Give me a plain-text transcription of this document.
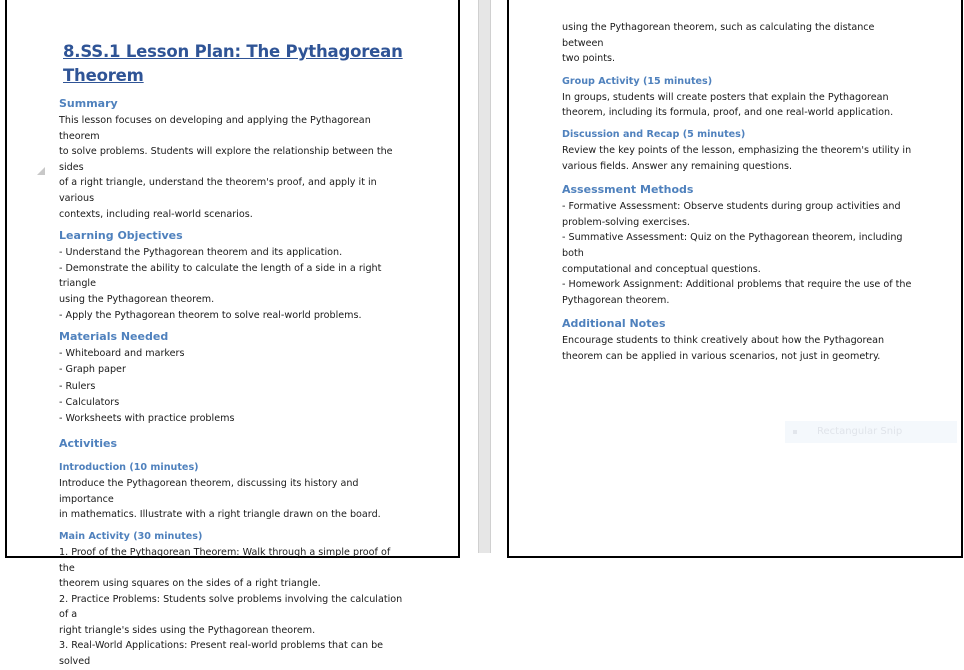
8.SS.1 Lesson Plan: The Pythagorean Theorem
Summary

This lesson focuses on developing and applying the Pythagorean theorem

to solve problems. Students will explore the relationship between the sides

of a right triangle, understand the theorem's proof, and apply it in various

contexts, including real-world scenarios.

Learning Objectives

- Understand the Pythagorean theorem and its application.

- Demonstrate the ability to calculate the length of a side in a right triangle

using the Pythagorean theorem.

- Apply the Pythagorean theorem to solve real-world problems.

Materials Needed

- Whiteboard and markers

- Graph paper

- Rulers

- Calculators

- Worksheets with practice problems

Activities
Introduction (10 minutes)

Introduce the Pythagorean theorem, discussing its history and importance

in mathematics. Illustrate with a right triangle drawn on the board.

Main Activity (30 minutes)

1. Proof of the Pythagorean Theorem: Walk through a simple proof of the

theorem using squares on the sides of a right triangle.

2. Practice Problems: Students solve problems involving the calculation of a

right triangle's sides using the Pythagorean theorem.

3. Real-World Applications: Present real-world problems that can be solved

using the Pythagorean theorem, such as calculating the distance between

two points.

Group Activity (15 minutes)

In groups, students will create posters that explain the Pythagorean

theorem, including its formula, proof, and one real-world application.

Discussion and Recap (5 minutes)

Review the key points of the lesson, emphasizing the theorem's utility in

various fields. Answer any remaining questions.

Assessment Methods

- Formative Assessment: Observe students during group activities and

problem-solving exercises.

- Summative Assessment: Quiz on the Pythagorean theorem, including both

computational and conceptual questions.

- Homework Assignment: Additional problems that require the use of the

Pythagorean theorem.

Additional Notes

Encourage students to think creatively about how the Pythagorean

theorem can be applied in various scenarios, not just in geometry.

Rectangular Snip
